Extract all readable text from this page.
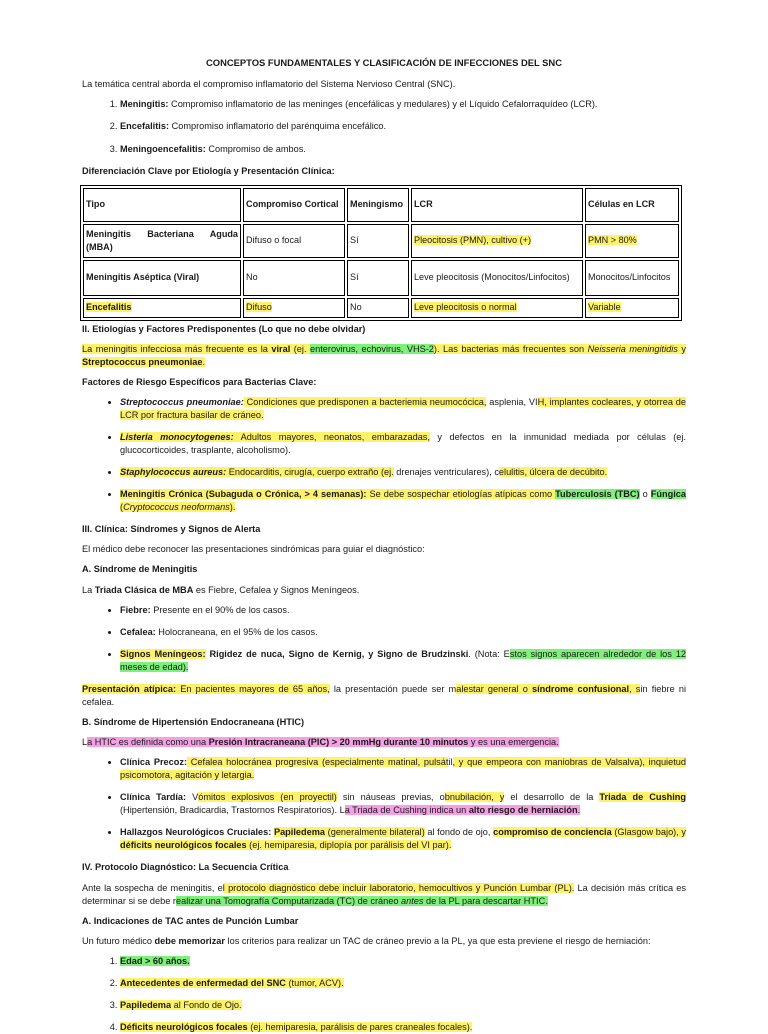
CONCEPTOS FUNDAMENTALES Y CLASIFICACIÓN DE INFECCIONES DEL SNC

La temática central aborda el compromiso inflamatorio del Sistema Nervioso Central (SNC).

1. Meningitis: Compromiso inflamatorio de las meninges (encefálicas y medulares) y el Líquido Cefalorraquídeo (LCR).
2. Encefalitis: Compromiso inflamatorio del parénquima encefálico.
3. Meningoencefalitis: Compromiso de ambos.

Diferenciación Clave por Etiología y Presentación Clínica:

Tipo	Compromiso Cortical	Meningismo	LCR	Células en LCR
Meningitis Bacteriana Aguda (MBA)	Difuso o focal	Sí	Pleocitosis (PMN), cultivo (+)	PMN > 80%
Meningitis Aséptica (Viral)	No	Sí	Leve pleocitosis (Monocitos/Linfocitos)	Monocitos/Linfocitos
Encefalitis	Difuso	No	Leve pleocitosis o normal	Variable

II. Etiologías y Factores Predisponentes (Lo que no debe olvidar)

La meningitis infecciosa más frecuente es la viral (ej. enterovirus, echovirus, VHS-2). Las bacterias más frecuentes son Neisseria meningitidis y Streptococcus pneumoniae.

Factores de Riesgo Específicos para Bacterias Clave:

• Streptococcus pneumoniae: Condiciones que predisponen a bacteriemia neumocócica, asplenia, VIH, implantes cocleares, y otorrea de LCR por fractura basilar de cráneo.
• Listeria monocytogenes: Adultos mayores, neonatos, embarazadas, y defectos en la inmunidad mediada por células (ej. glucocorticoides, trasplante, alcoholismo).
• Staphylococcus aureus: Endocarditis, cirugía, cuerpo extraño (ej. drenajes ventriculares), celulitis, úlcera de decúbito.
• Meningitis Crónica (Subaguda o Crónica, > 4 semanas): Se debe sospechar etiologías atípicas como Tuberculosis (TBC) o Fúngica (Cryptococcus neoformans).

III. Clínica: Síndromes y Signos de Alerta

El médico debe reconocer las presentaciones sindrómicas para guiar el diagnóstico:

A. Síndrome de Meningitis

La Triada Clásica de MBA es Fiebre, Cefalea y Signos Meníngeos.

• Fiebre: Presente en el 90% de los casos.
• Cefalea: Holocraneana, en el 95% de los casos.
• Signos Meníngeos: Rigidez de nuca, Signo de Kernig, y Signo de Brudzinski. (Nota: Estos signos aparecen alrededor de los 12 meses de edad).

Presentación atípica: En pacientes mayores de 65 años, la presentación puede ser malestar general o síndrome confusional, sin fiebre ni cefalea.

B. Síndrome de Hipertensión Endocraneana (HTIC)

La HTIC es definida como una Presión Intracraneana (PIC) > 20 mmHg durante 10 minutos y es una emergencia.

• Clínica Precoz: Cefalea holocránea progresiva (especialmente matinal, pulsátil, y que empeora con maniobras de Valsalva), inquietud psicomotora, agitación y letargia.
• Clínica Tardía: Vómitos explosivos (en proyectil) sin náuseas previas, obnubilación, y el desarrollo de la Triada de Cushing (Hipertensión, Bradicardia, Trastornos Respiratorios). La Triada de Cushing indica un alto riesgo de herniación.
• Hallazgos Neurológicos Cruciales: Papiledema (generalmente bilateral) al fondo de ojo, compromiso de conciencia (Glasgow bajo), y déficits neurológicos focales (ej. hemiparesia, diplopía por parálisis del VI par).

IV. Protocolo Diagnóstico: La Secuencia Crítica

Ante la sospecha de meningitis, el protocolo diagnóstico debe incluir laboratorio, hemocultivos y Punción Lumbar (PL). La decisión más crítica es determinar si se debe realizar una Tomografía Computarizada (TC) de cráneo antes de la PL para descartar HTIC.

A. Indicaciones de TAC antes de Punción Lumbar

Un futuro médico debe memorizar los criterios para realizar un TAC de cráneo previo a la PL, ya que esta previene el riesgo de herniación:

1. Edad > 60 años.
2. Antecedentes de enfermedad del SNC (tumor, ACV).
3. Papiledema al Fondo de Ojo.
4. Déficits neurológicos focales (ej. hemiparesia, parálisis de pares craneales focales).
